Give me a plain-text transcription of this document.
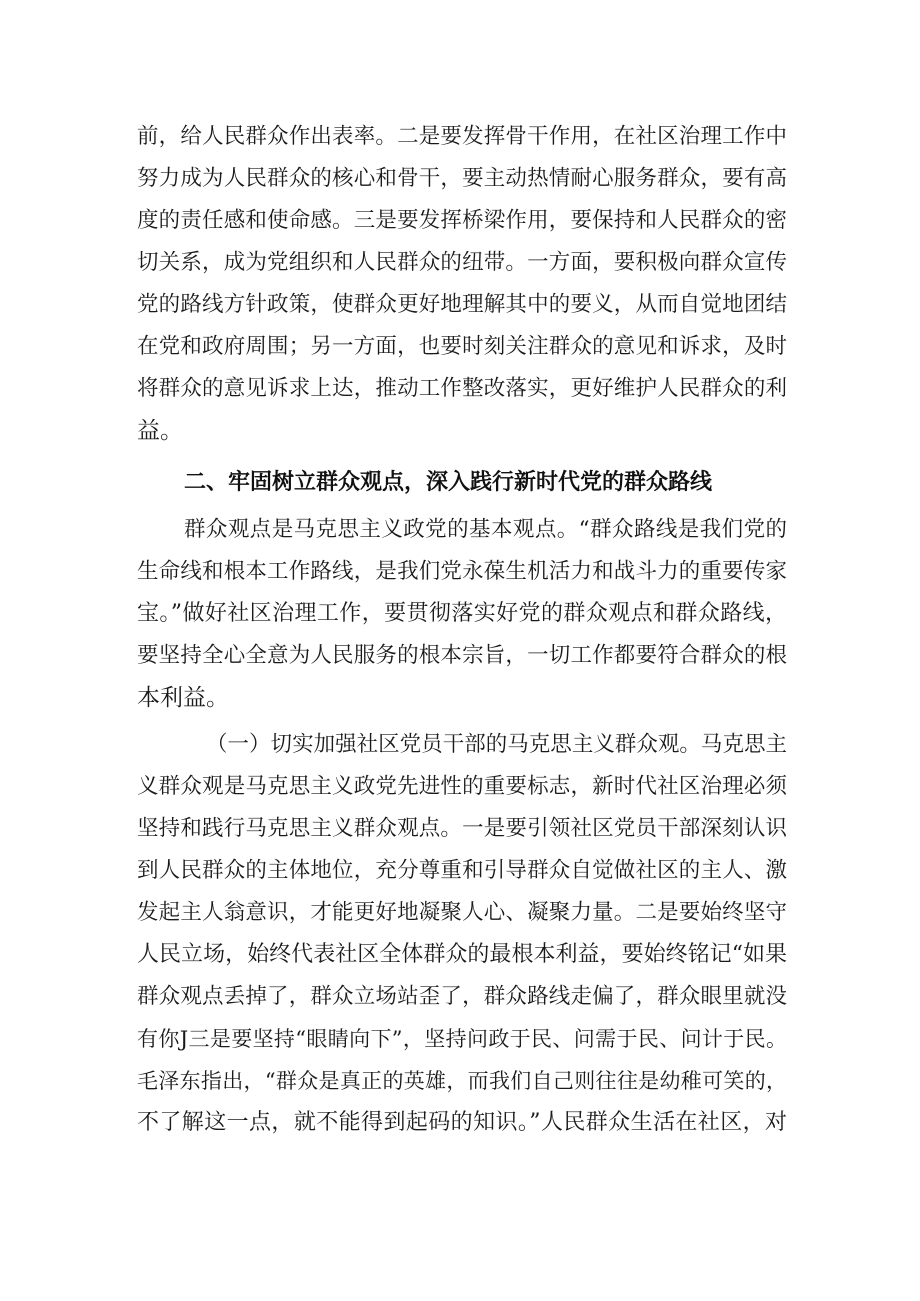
前，给人民群众作出表率。二是要发挥骨干作用，在社区治理工作中
努力成为人民群众的核心和骨干，要主动热情耐心服务群众，要有高
度的责任感和使命感。三是要发挥桥梁作用，要保持和人民群众的密
切关系，成为党组织和人民群众的纽带。一方面，要积极向群众宣传
党的路线方针政策，使群众更好地理解其中的要义，从而自觉地团结
在党和政府周围；另一方面，也要时刻关注群众的意见和诉求，及时
将群众的意见诉求上达，推动工作整改落实，更好维护人民群众的利
益。
二、牢固树立群众观点，深入践行新时代党的群众路线
群众观点是马克思主义政党的基本观点。“群众路线是我们党的
生命线和根本工作路线，是我们党永葆生机活力和战斗力的重要传家
宝。”做好社区治理工作，要贯彻落实好党的群众观点和群众路线，
要坚持全心全意为人民服务的根本宗旨，一切工作都要符合群众的根
本利益。
（一）切实加强社区党员干部的马克思主义群众观。马克思主
义群众观是马克思主义政党先进性的重要标志，新时代社区治理必须
坚持和践行马克思主义群众观点。一是要引领社区党员干部深刻认识
到人民群众的主体地位，充分尊重和引导群众自觉做社区的主人、激
发起主人翁意识，才能更好地凝聚人心、凝聚力量。二是要始终坚守
人民立场，始终代表社区全体群众的最根本利益，要始终铭记“如果
群众观点丢掉了，群众立场站歪了，群众路线走偏了，群众眼里就没
有你J三是要坚持“眼睛向下”，坚持问政于民、问需于民、问计于民。
毛泽东指出，“群众是真正的英雄，而我们自己则往往是幼稚可笑的，
不了解这一点，就不能得到起码的知识。”人民群众生活在社区，对
